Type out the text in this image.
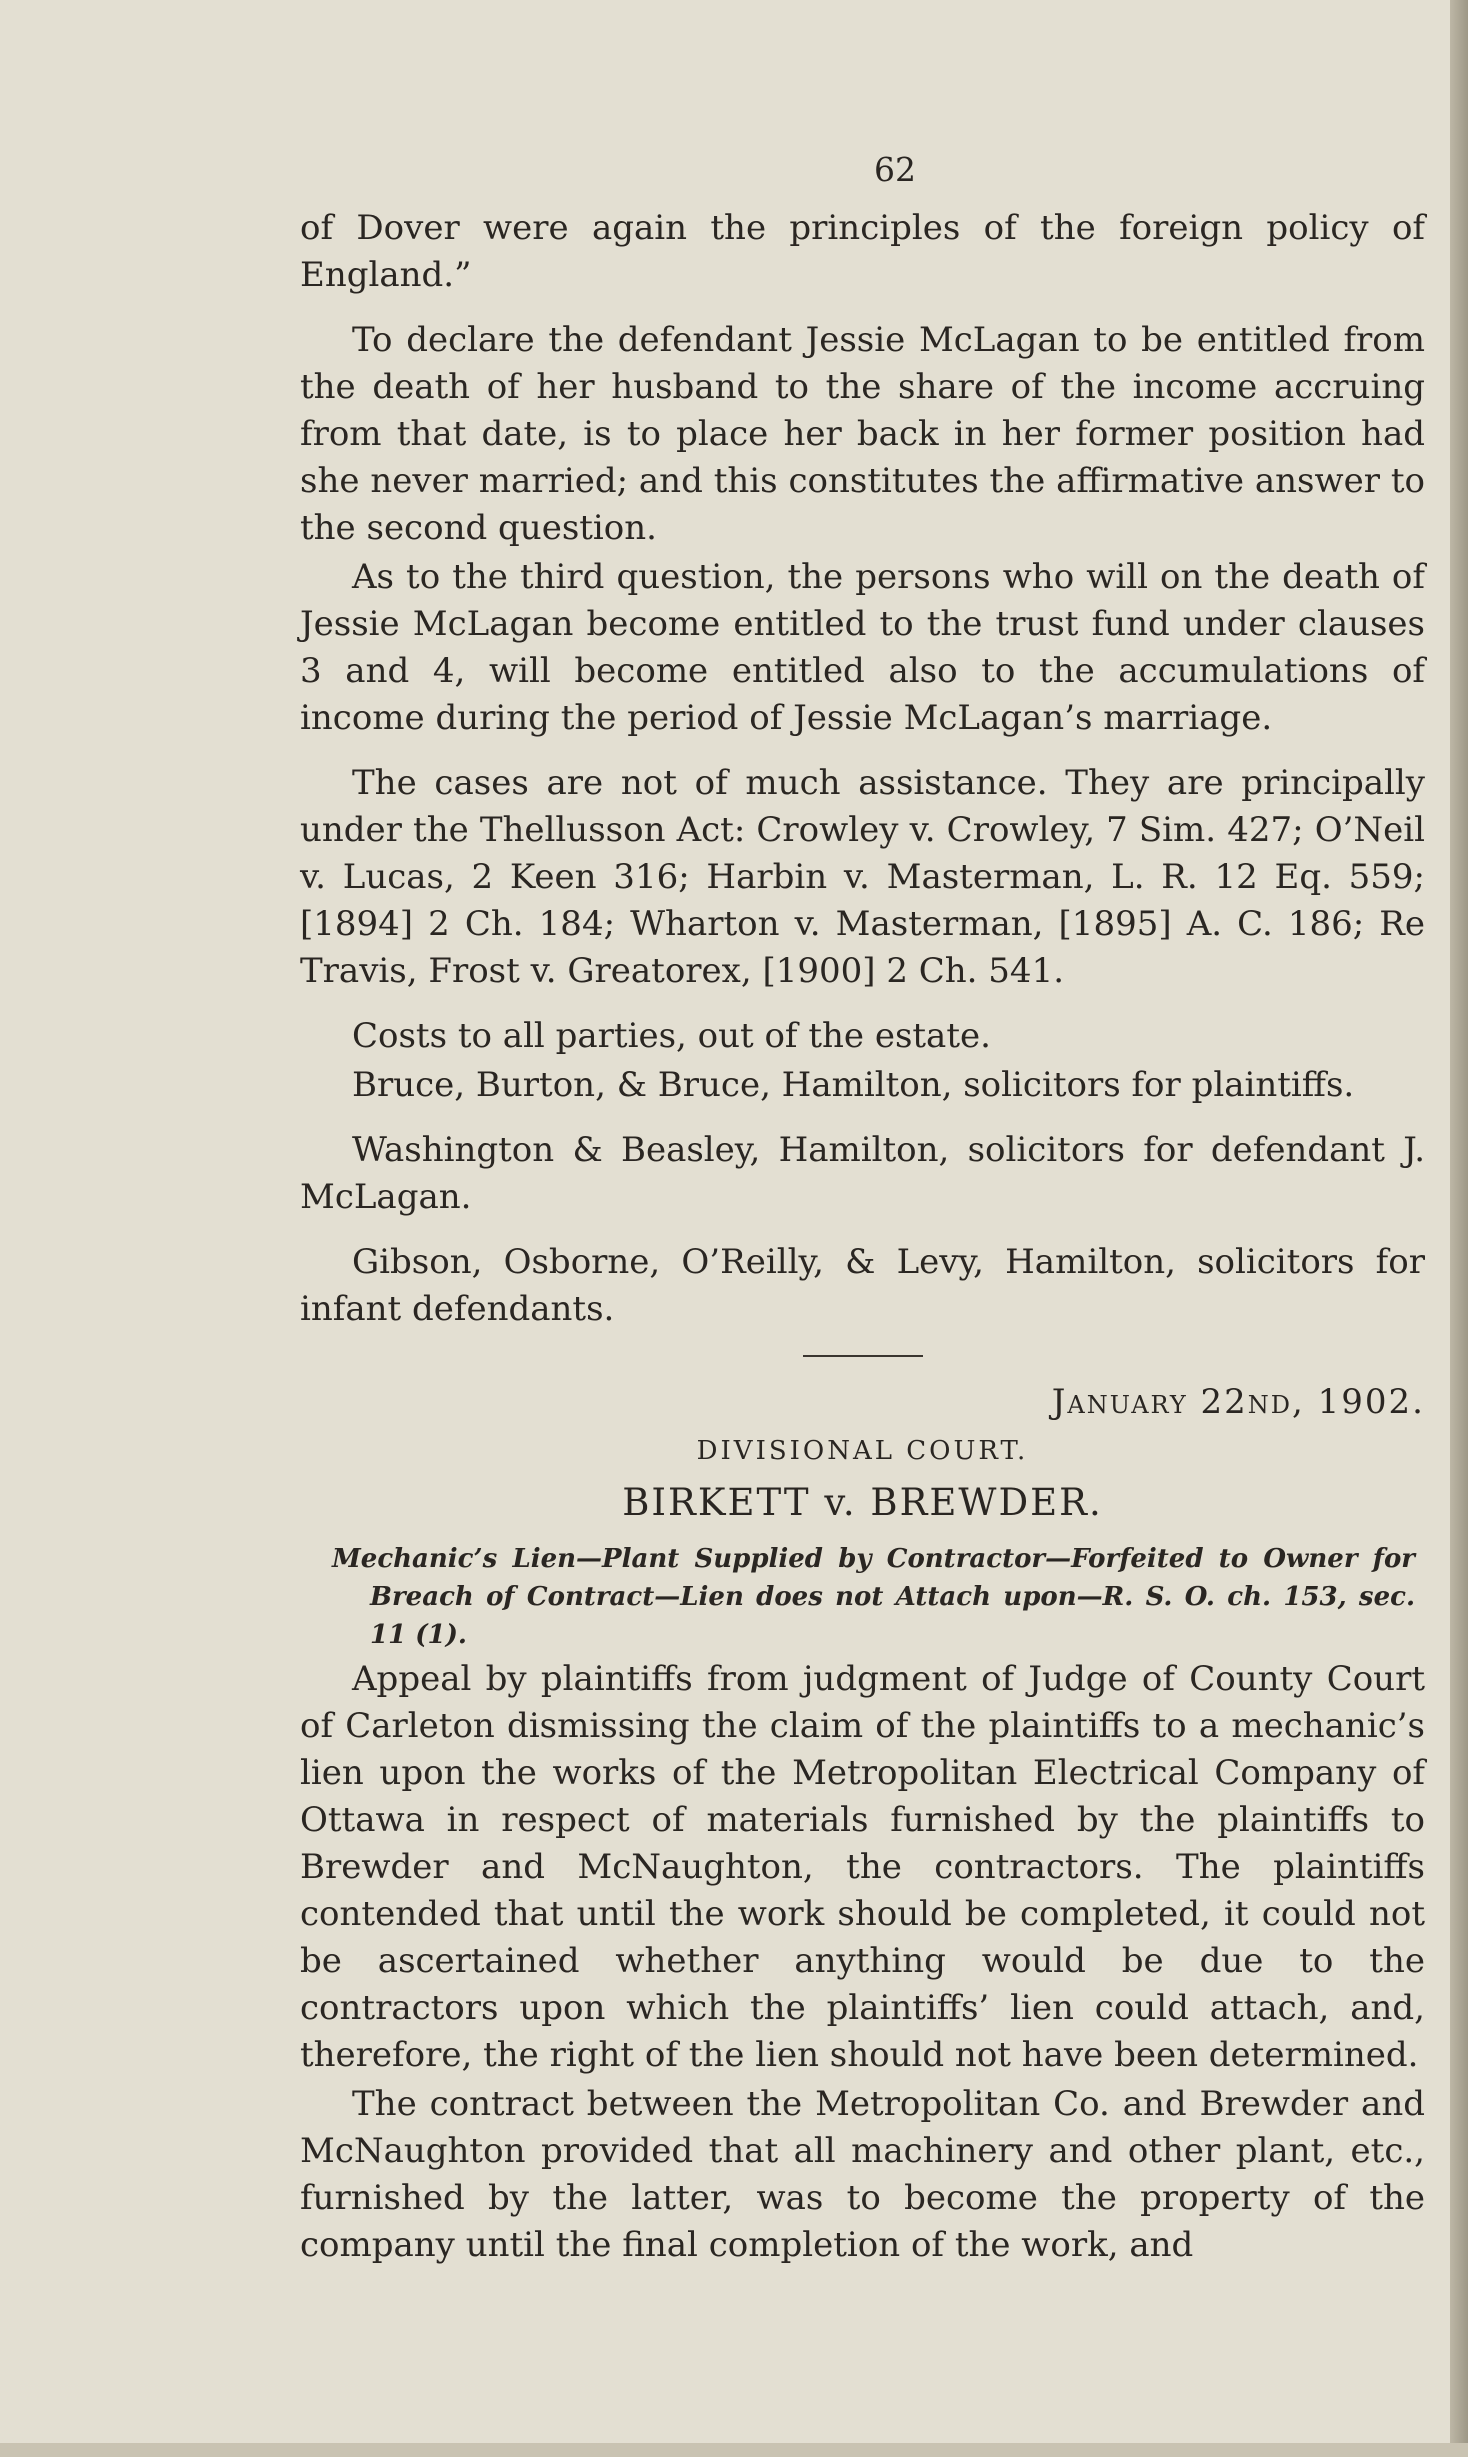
62

of Dover were again the principles of the foreign policy of England.”

To declare the defendant Jessie McLagan to be entitled from the death of her husband to the share of the income accruing from that date, is to place her back in her former position had she never married; and this constitutes the affirmative answer to the second question.

As to the third question, the persons who will on the death of Jessie McLagan become entitled to the trust fund under clauses 3 and 4, will become entitled also to the accumulations of income during the period of Jessie McLagan’s marriage.

The cases are not of much assistance. They are principally under the Thellusson Act: Crowley v. Crowley, 7 Sim. 427; O’Neil v. Lucas, 2 Keen 316; Harbin v. Masterman, L. R. 12 Eq. 559; [1894] 2 Ch. 184; Wharton v. Masterman, [1895] A. C. 186; Re Travis, Frost v. Greatorex, [1900] 2 Ch. 541.

Costs to all parties, out of the estate.

Bruce, Burton, & Bruce, Hamilton, solicitors for plaintiffs.

Washington & Beasley, Hamilton, solicitors for defendant J. McLagan.

Gibson, Osborne, O’Reilly, & Levy, Hamilton, solicitors for infant defendants.

January 22nd, 1902.
DIVISIONAL COURT.
BIRKETT v. BREWDER.

Mechanic’s Lien—Plant Supplied by Contractor—Forfeited to Owner for Breach of Contract—Lien does not Attach upon—R. S. O. ch. 153, sec. 11 (1).

Appeal by plaintiffs from judgment of Judge of County Court of Carleton dismissing the claim of the plaintiffs to a mechanic’s lien upon the works of the Metropolitan Electrical Company of Ottawa in respect of materials furnished by the plaintiffs to Brewder and McNaughton, the contractors. The plaintiffs contended that until the work should be completed, it could not be ascertained whether anything would be due to the contractors upon which the plaintiffs’ lien could attach, and, therefore, the right of the lien should not have been determined.

The contract between the Metropolitan Co. and Brewder and McNaughton provided that all machinery and other plant, etc., furnished by the latter, was to become the property of the company until the final completion of the work, and
